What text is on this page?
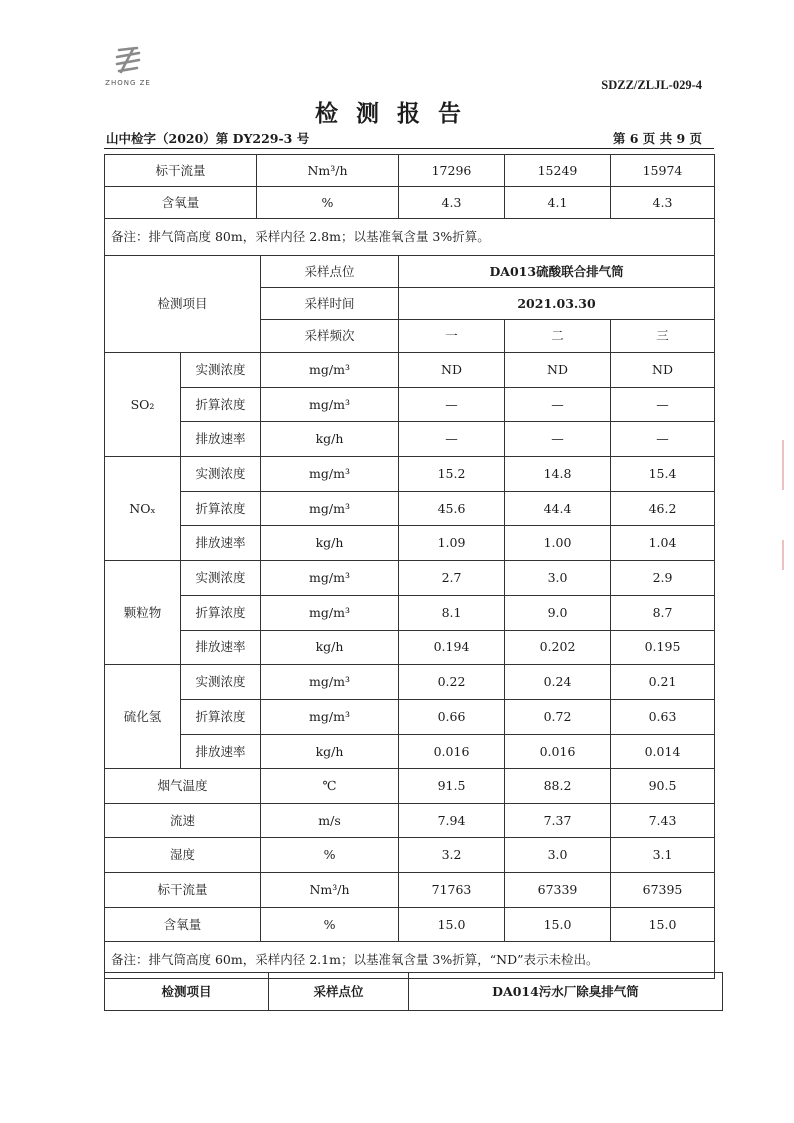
ZHONG ZE	SDZZ/ZLJL-029-4
检测报告
山中检字（2020）第 DY229-3 号	第 6 页 共 9 页
标干流量	Nm³/h	17296	15249	15974
含氧量	%	4.3	4.1	4.3
备注：排气筒高度 80m，采样内径 2.8m；以基准氧含量 3%折算。				
检测项目		采样点位	DA013硫酸联合排气筒		
		采样时间	2021.03.30		
		采样频次	一	二	三
SO₂	实测浓度	mg/m³	ND	ND	ND
	折算浓度	mg/m³	—	—	—
	排放速率	kg/h	—	—	—
NOₓ	实测浓度	mg/m³	15.2	14.8	15.4
	折算浓度	mg/m³	45.6	44.4	46.2
	排放速率	kg/h	1.09	1.00	1.04
颗粒物	实测浓度	mg/m³	2.7	3.0	2.9
	折算浓度	mg/m³	8.1	9.0	8.7
	排放速率	kg/h	0.194	0.202	0.195
硫化氢	实测浓度	mg/m³	0.22	0.24	0.21
	折算浓度	mg/m³	0.66	0.72	0.63
	排放速率	kg/h	0.016	0.016	0.014
烟气温度		℃	91.5	88.2	90.5
流速		m/s	7.94	7.37	7.43
湿度		%	3.2	3.0	3.1
标干流量		Nm³/h	71763	67339	67395
含氧量		%	15.0	15.0	15.0
备注：排气筒高度 60m，采样内径 2.1m；以基准氧含量 3%折算，“ND”表示未检出。					
检测项目	采样点位	DA014污水厂除臭排气筒
